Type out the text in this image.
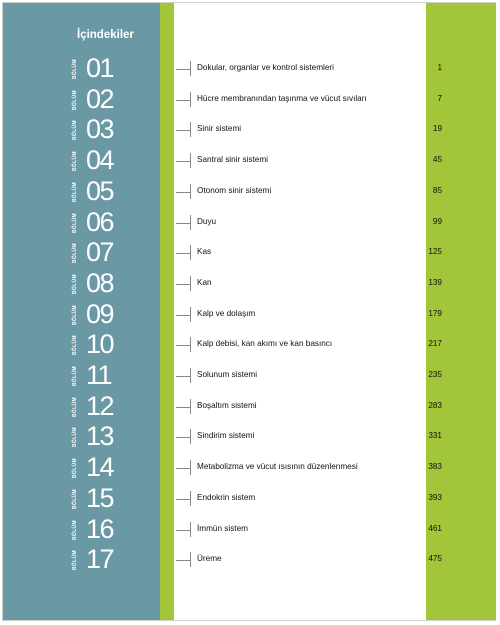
İçindekiler
BÖLÜM 01	Dokular, organlar ve kontrol sistemleri	1
BÖLÜM 02	Hücre membranından taşınma ve vücut sıvıları	7
BÖLÜM 03	Sinir sistemi	19
BÖLÜM 04	Santral sinir sistemi	45
BÖLÜM 05	Otonom sinir sistemi	85
BÖLÜM 06	Duyu	99
BÖLÜM 07	Kas	125
BÖLÜM 08	Kan	139
BÖLÜM 09	Kalp ve dolaşım	179
BÖLÜM 10	Kalp debisi, kan akımı ve kan basıncı	217
BÖLÜM 11	Solunum sistemi	235
BÖLÜM 12	Boşaltım sistemi	283
BÖLÜM 13	Sindirim sistemi	331
BÖLÜM 14	Metabolizma ve vücut ısısının düzenlenmesi	383
BÖLÜM 15	Endokrin sistem	393
BÖLÜM 16	İmmün sistem	461
BÖLÜM 17	Üreme	475
